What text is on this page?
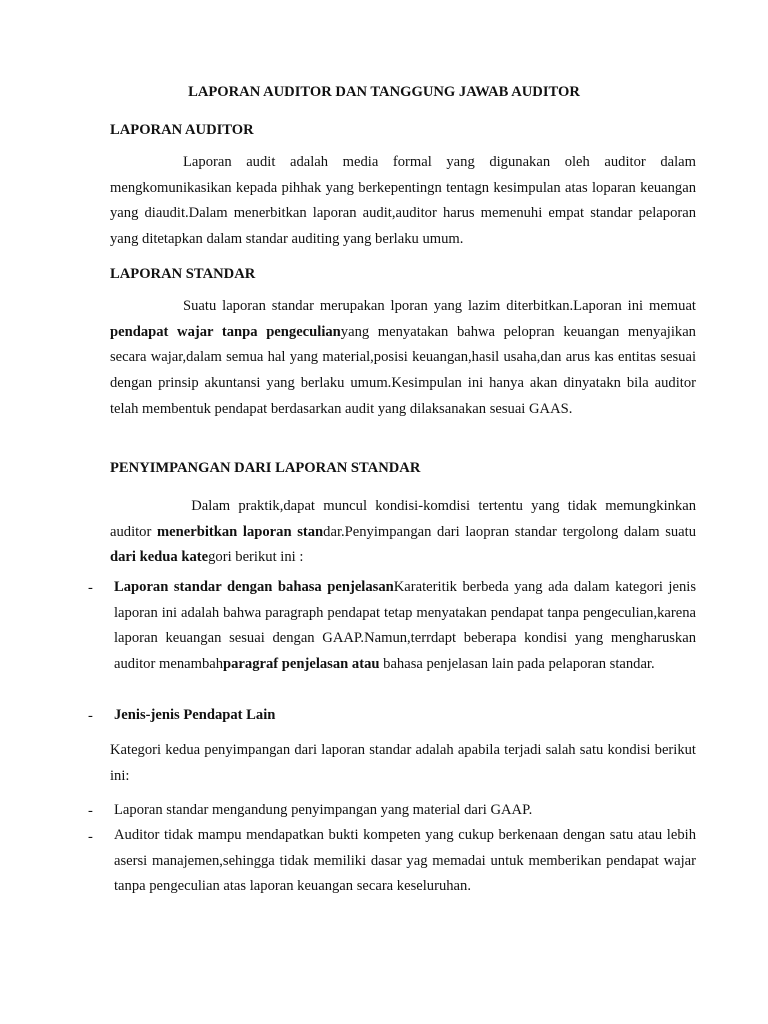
LAPORAN AUDITOR DAN TANGGUNG JAWAB AUDITOR
LAPORAN AUDITOR
Laporan audit adalah media formal yang digunakan oleh auditor dalam mengkomunikasikan kepada pihhak yang berkepentingn tentagn kesimpulan atas loparan keuangan yang diaudit.Dalam menerbitkan laporan audit,auditor harus memenuhi empat standar pelaporan yang ditetapkan dalam standar auditing yang berlaku umum.
LAPORAN STANDAR
Suatu laporan standar merupakan lporan yang lazim diterbitkan.Laporan ini memuat pendapat wajar tanpa pengeculianyang menyatakan bahwa pelopran keuangan menyajikan secara wajar,dalam semua hal yang material,posisi keuangan,hasil usaha,dan arus kas entitas sesuai dengan prinsip akuntansi yang berlaku umum.Kesimpulan ini hanya akan dinyatakn bila auditor telah membentuk pendapat berdasarkan audit yang dilaksanakan sesuai GAAS.
PENYIMPANGAN DARI LAPORAN STANDAR
Dalam praktik,dapat muncul kondisi-komdisi tertentu yang tidak memungkinkan auditor menerbitkan laporan standar.Penyimpangan dari laopran standar tergolong dalam suatu dari kedua kategori berikut ini :
- Laporan standar dengan bahasa penjelasanKarateritik berbeda yang ada dalam kategori jenis laporan ini adalah bahwa paragraph pendapat tetap menyatakan pendapat tanpa pengeculian,karena laporan keuangan sesuai dengan GAAP.Namun,terrdapt beberapa kondisi yang mengharuskan auditor menambahparagraf penjelasan atau bahasa penjelasan lain pada pelaporan standar.
- Jenis-jenis Pendapat Lain
Kategori kedua penyimpangan dari laporan standar adalah apabila terjadi salah satu kondisi berikut ini:
- Laporan standar mengandung penyimpangan yang material dari GAAP.
- Auditor tidak mampu mendapatkan bukti kompeten yang cukup berkenaan dengan satu atau lebih asersi manajemen,sehingga tidak memiliki dasar yag memadai untuk memberikan pendapat wajar tanpa pengeculian atas laporan keuangan secara keseluruhan.
